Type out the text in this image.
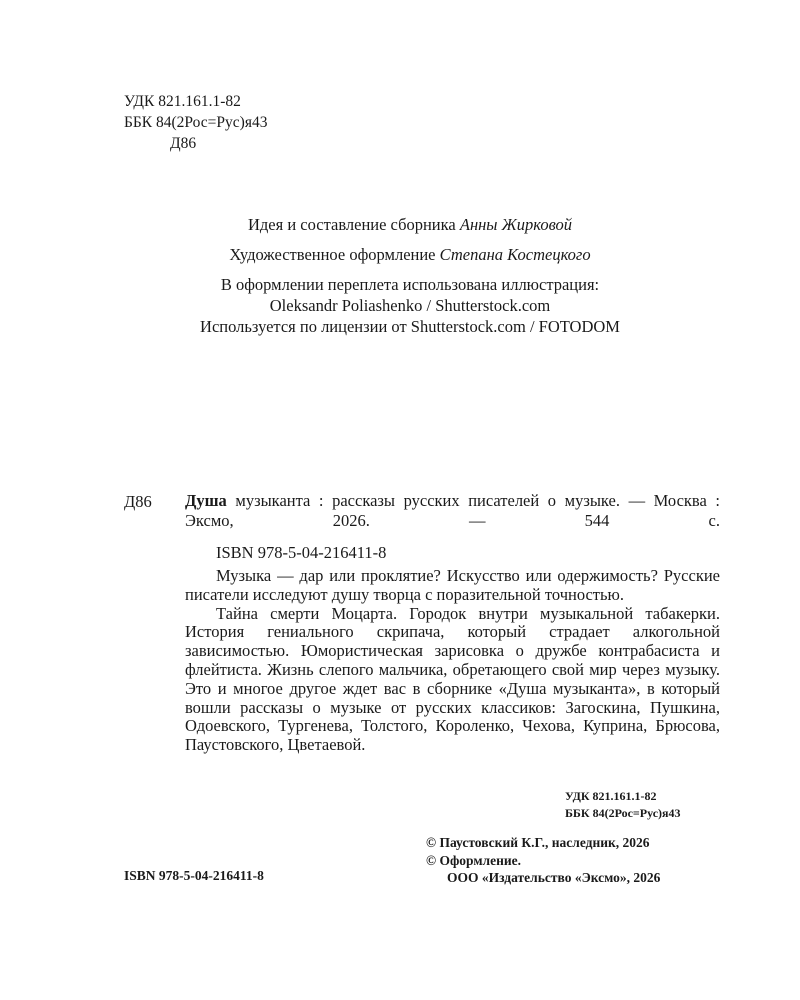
УДК 821.161.1-82
ББК 84(2Рос=Рус)я43
Д86
Идея и составление сборника Анны Жирковой
Художественное оформление Степана Костецкого
В оформлении переплета использована иллюстрация:
Oleksandr Poliashenko / Shutterstock.com
Используется по лицензии от Shutterstock.com / FOTODOM
Д86 Душа музыканта : рассказы русских писателей о музыке. — Москва : Эксмо, 2026. — 544 с.

ISBN 978-5-04-216411-8

Музыка — дар или проклятие? Искусство или одержимость? Русские писатели исследуют душу творца с поразительной точностью.

Тайна смерти Моцарта. Городок внутри музыкальной табакерки. История гениального скрипача, который страдает алкогольной зависимостью. Юмористическая зарисовка о дружбе контрабасиста и флейтиста. Жизнь слепого мальчика, обретающего свой мир через музыку. Это и многое другое ждет вас в сборнике «Душа музыканта», в который вошли рассказы о музыке от русских классиков: Загоскина, Пушкина, Одоевского, Тургенева, Толстого, Короленко, Чехова, Куприна, Брюсова, Паустовского, Цветаевой.

УДК 821.161.1-82
ББК 84(2Рос=Рус)я43
© Паустовский К.Г., наследник, 2026
© Оформление.
ООО «Издательство «Эксмо», 2026
ISBN 978-5-04-216411-8
